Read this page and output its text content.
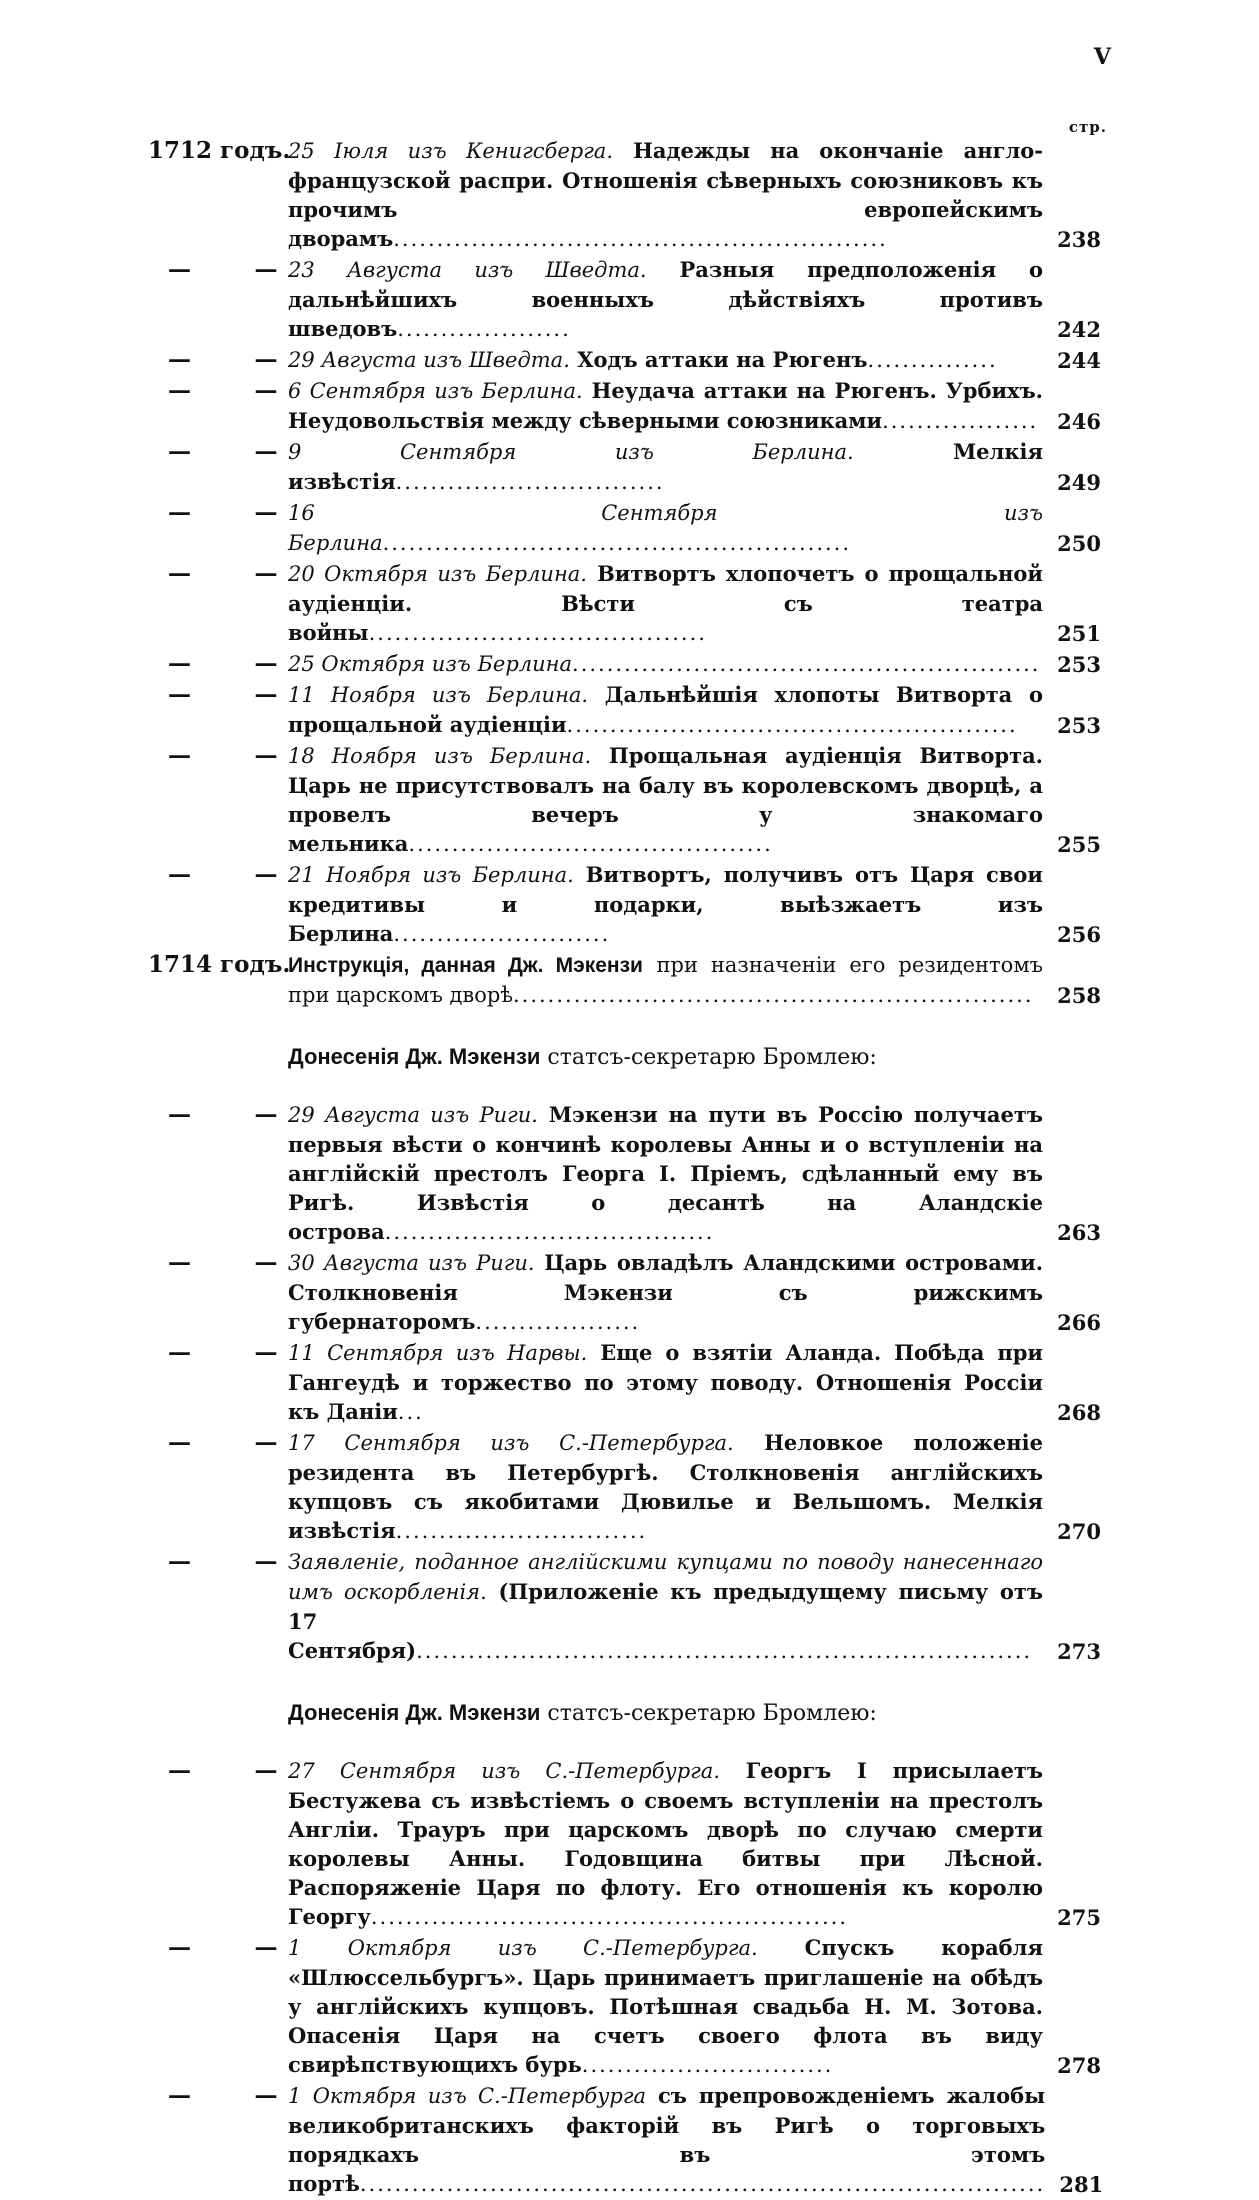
V
стр.
1712 годъ.
25 Іюля изъ Кенигсберга. Надежды на окончаніе англо-французской распри. Отношенія сѣверныхъ союзниковъ къ прочимъ европейскимъ дворамъ.........................................................	238
—	— 23 Августа изъ Шведта. Разныя предположенія о дальнѣйшихъ военныхъ дѣйствіяхъ противъ шведовъ....................	242
—	— 29 Августа изъ Шведта. Ходъ аттаки на Рюгенъ...............	244
—	— 6 Сентября изъ Берлина. Неудача аттаки на Рюгенъ. Урбихъ. Неудовольствія между сѣверными союзниками.................. 246
—	— 9 Сентября изъ Берлина.	Мелкія извѣстія...............................	249
—	— 16 Сентября изъ Берлина......................................................	250
—	— 20 Октября изъ Берлина. Витвортъ хлопочетъ о прощальной аудіенціи. Вѣсти съ театра войны.......................................	251
—	— 25 Октября изъ Берлина...................................................... 253
—	— 11 Ноября изъ Берлина. Дальнѣйшія хлопоты Витворта о прощальной аудіенціи....................................................	253
—	— 18 Ноября изъ Берлина. Прощальная аудіенція Витворта. Царь не присутствовалъ на балу въ королевскомъ дворцѣ, а провелъ вечеръ у знакомаго мельника..........................................	255
—	— 21 Ноября изъ Берлина. Витвортъ, получивъ отъ Царя свои кредитивы и подарки, выѣзжаетъ изъ Берлина.........................	256
1714 годъ.
Инструкція, данная Дж. Мэкензи при назначеніи его резидентомъ при царскомъ дворѣ............................................................	258
Донесенія Дж. Мэкензи статсъ-секретарю Бромлею:
—	— 29 Августа изъ Риги. Мэкензи на пути въ Россію получаетъ первыя вѣсти о кончинѣ королевы Анны и о вступленіи на англійскій престолъ Георга I. Пріемъ, сдѣланный ему въ Ригѣ. Извѣстія о десантѣ на Аландскіе острова......................................	263
—	— 30 Августа изъ Риги. Царь овладѣлъ Аландскими островами. Столкновенія Мэкензи съ рижскимъ губернаторомъ...................	266
—	— 11 Сентября изъ Нарвы. Еще о взятіи Аланда. Побѣда при Гангеудѣ и торжество по этому поводу. Отношенія Россіи къ Даніи...	268
—	— 17 Сентября изъ С.-Петербурга. Неловкое положеніе резидента въ Петербургѣ. Столкновенія англійскихъ купцовъ съ якобитами Дювилье и Вельшомъ. Мелкія извѣстія.............................	270
—	— Заявленіе, поданное англійскими купцами по поводу нанесеннаго имъ оскорбленія. (Приложеніе къ предыдущему письму отъ 17 Сентября).......................................................................	273
Донесенія Дж. Мэкензи статсъ-секретарю Бромлею:
—	— 27 Сентября изъ С.-Петербурга. Георгъ I присылаетъ Бестужева съ извѣстіемъ о своемъ вступленіи на престолъ Англіи. Трауръ при царскомъ дворѣ по случаю смерти королевы Анны. Годовщина битвы при Лѣсной. Распоряженіе Царя по флоту. Его отношенія къ королю Георгу.......................................................	275
—	— 1 Октября изъ С.-Петербурга. Спускъ корабля «Шлюссельбургъ». Царь принимаетъ приглашеніе на обѣдъ у англійскихъ купцовъ. Потѣшная свадьба Н. М. Зотова. Опасенія Царя на счетъ своего флота въ виду свирѣпствующихъ бурь.............................	278
—	— 1 Октября изъ С.-Петербурга съ препровожденіемъ жалобы великобританскихъ факторій въ Ригѣ о торговыхъ порядкахъ въ этомъ портѣ............................................................................... 281
